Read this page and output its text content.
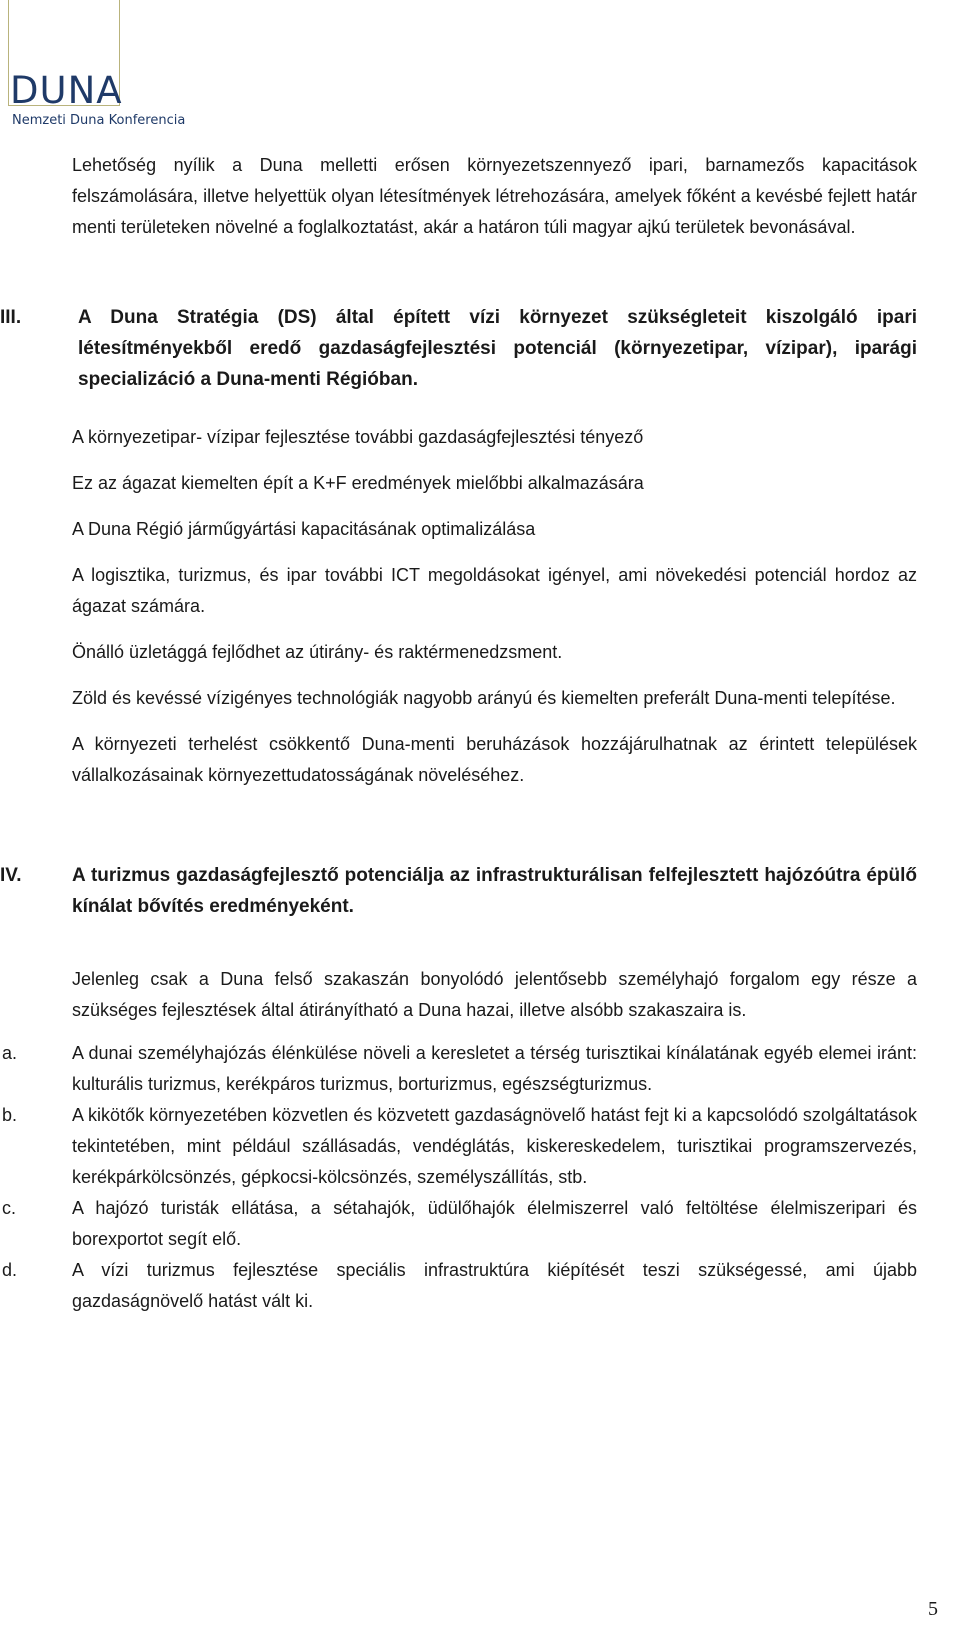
DUNA
Nemzeti Duna Konferencia

Lehetőség nyílik a Duna melletti erősen környezetszennyező ipari, barnamezős kapacitások felszámolására, illetve helyettük olyan létesítmények létrehozására, amelyek főként a kevésbé fejlett határ menti területeken növelné a foglalkoztatást, akár a határon túli magyar ajkú területek bevonásával.

III.	A Duna Stratégia (DS) által épített vízi környezet szükségleteit kiszolgáló ipari létesítményekből eredő gazdaságfejlesztési potenciál (környezetipar, vízipar), iparági specializáció a Duna-menti Régióban.

A környezetipar- vízipar fejlesztése további gazdaságfejlesztési tényező

Ez az ágazat kiemelten épít a K+F eredmények mielőbbi alkalmazására

A Duna Régió járműgyártási kapacitásának optimalizálása

A logisztika, turizmus, és ipar további ICT megoldásokat igényel, ami növekedési potenciál hordoz az ágazat számára.

Önálló üzletággá fejlődhet az útirány- és raktérmenedzsment.

Zöld és kevéssé vízigényes technológiák nagyobb arányú és kiemelten preferált Duna-menti telepítése.

A környezeti terhelést csökkentő Duna-menti beruházások hozzájárulhatnak az érintett települések vállalkozásainak környezettudatosságának növeléséhez.

IV.	A turizmus gazdaságfejlesztő potenciálja az infrastrukturálisan felfejlesztett hajózóútra épülő kínálat bővítés eredményeként.

Jelenleg csak a Duna felső szakaszán bonyolódó jelentősebb személyhajó forgalom egy része a szükséges fejlesztések által átirányítható a Duna hazai, illetve alsóbb szakaszaira is.

a.	A dunai személyhajózás élénkülése növeli a keresletet a térség turisztikai kínálatának egyéb elemei iránt: kulturális turizmus, kerékpáros turizmus, borturizmus, egészségturizmus.
b.	A kikötők környezetében közvetlen és közvetett gazdaságnövelő hatást fejt ki a kapcsolódó szolgáltatások tekintetében, mint például szállásadás, vendéglátás, kiskereskedelem, turisztikai programszervezés, kerékpárkölcsönzés, gépkocsi-kölcsönzés, személyszállítás, stb.
c.	A hajózó turisták ellátása, a sétahajók, üdülőhajók élelmiszerrel való feltöltése élelmiszeripari és borexportot segít elő.
d.	A vízi turizmus fejlesztése speciális infrastruktúra kiépítését teszi szükségessé, ami újabb gazdaságnövelő hatást vált ki.
5
